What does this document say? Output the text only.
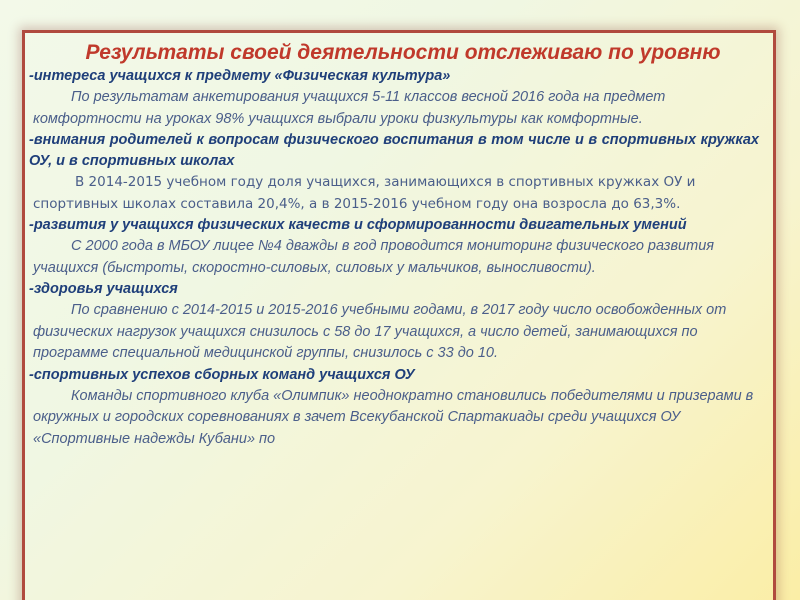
Результаты своей деятельности отслеживаю по уровню
-интереса учащихся к предмету «Физическая культура»
По результатам анкетирования учащихся 5-11 классов весной 2016 года на предмет комфортности на уроках 98% учащихся выбрали уроки физкультуры как комфортные.
-внимания родителей к вопросам физического воспитания в том числе и в спортивных кружках ОУ, и в спортивных школах
В 2014-2015 учебном году доля учащихся, занимающихся в спортивных кружках ОУ и спортивных школах составила 20,4%, а в 2015-2016 учебном году она возросла до 63,3%.
-развития у учащихся физических качеств и сформированности двигательных умений
С 2000 года в МБОУ лицее №4 дважды в год проводится мониторинг физического развития учащихся (быстроты, скоростно-силовых, силовых у мальчиков, выносливости).
-здоровья учащихся
По сравнению с 2014-2015 и 2015-2016 учебными годами, в 2017 году число освобожденных от физических нагрузок учащихся снизилось с 58 до 17 учащихся, а число детей, занимающихся по программе специальной медицинской группы, снизилось с 33 до 10.
-спортивных успехов сборных команд учащихся ОУ
Команды спортивного клуба «Олимпик» неоднократно становились победителями и призерами в окружных и городских соревнованиях в зачет Всекубанской Спартакиады среди учащихся ОУ «Спортивные надежды Кубани» по
